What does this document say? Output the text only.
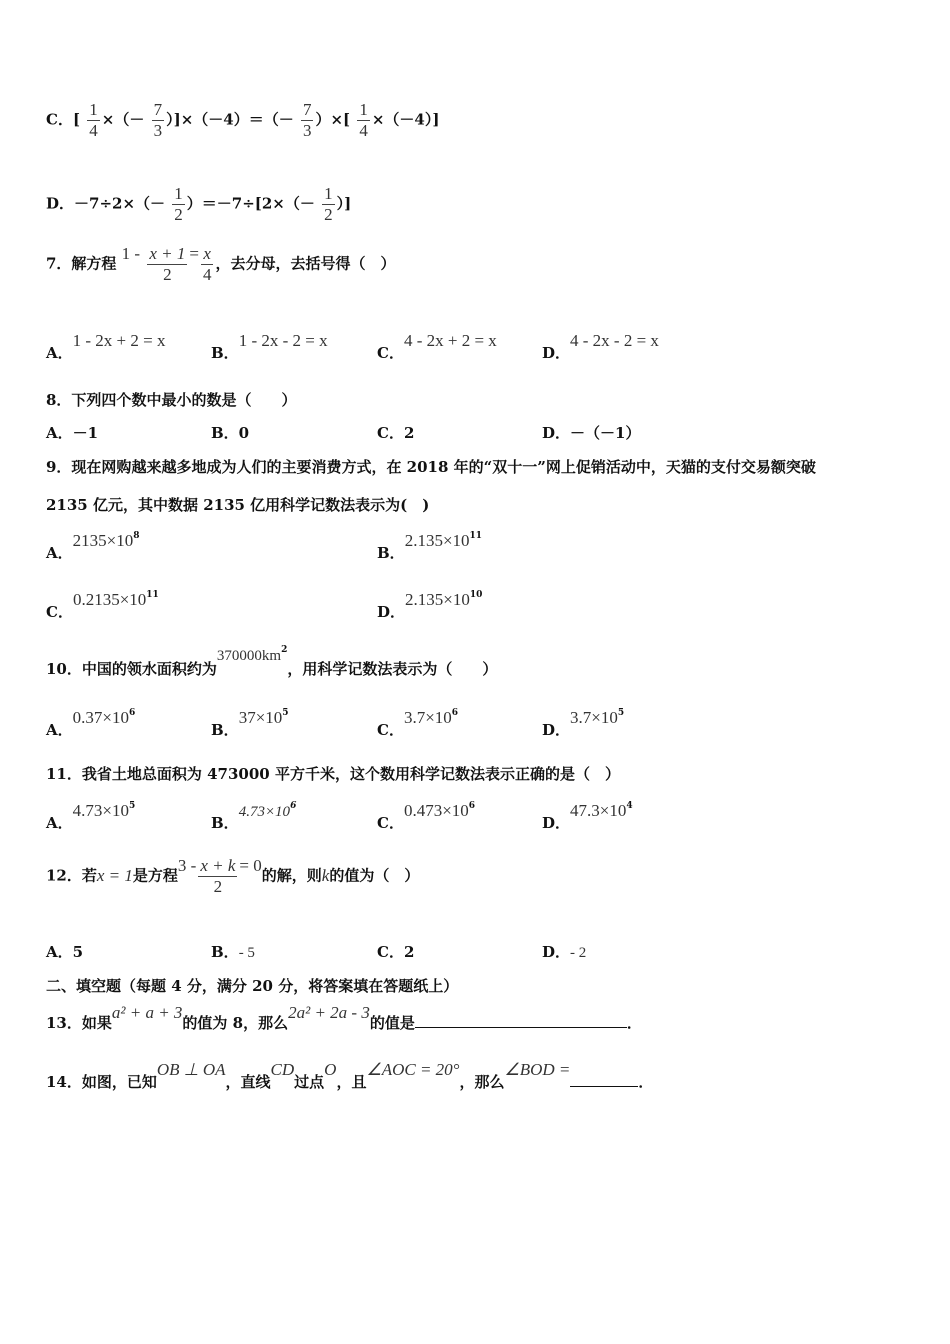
C．[ $\frac{1}{4}$ ×（－ $\frac{7}{3} )]\times(-4)=(- \frac{7}{3}$ ）×[ $\frac{1}{4} \times(-4)$]
D．$-7\div 2\times(- \frac{1}{2} )=-7\div[2\times(- \frac{1}{2}$ ）]
7．解方程 $1 - \frac{x + 1}{2} = \frac{x}{4}$ ，去分母，去括号得（　）
A．1 - 2x + 2 = x
B．1 - 2x - 2 = x
C．4 - 2x + 2 = x
D．4 - 2x - 2 = x
8．下列四个数中最小的数是（　　）
A．－1	B．0	C．2	D．－（－1）
9．现在网购越来越多地成为人们的主要消费方式，在 2018 年的“双十一”网上促销活动中，天猫的支付交易额突破
2135 亿元，其中数据 2135 亿用科学记数法表示为(　)
A．$2135\times 10^8$
B．$2.135\times 10^{11}$
C．$0.2135\times 10^{11}$
D．$2.135\times 10^{10}$
10．中国的领水面积约为$370000km^2$，用科学记数法表示为（　　）
A．$0.37\times 10^6$
B．$37\times 10^5$
C．$3.7\times 10^6$
D．$3.7\times 10^5$
11．我省土地总面积为 473000 平方千米，这个数用科学记数法表示正确的是（　）
A．$4.73\times 10^5$
B．$4.73\times 10^6$
C．$0.473\times 10^6$
D．$47.3\times 10^4$
12．若x = 1是方程$3 - \frac{x + k}{2} = 0$的解，则k的值为（　）
A．5	B．- 5	C．2	D．- 2
二、填空题（每题 4 分，满分 20 分，将答案填在答题纸上）
13．如果a² + a + 3的值为 8，那么2a² + 2a - 3的值是	．
14．如图，已知OB ⊥ OA，直线CD过点O，且∠AOC = 20°，那么∠BOD =．
